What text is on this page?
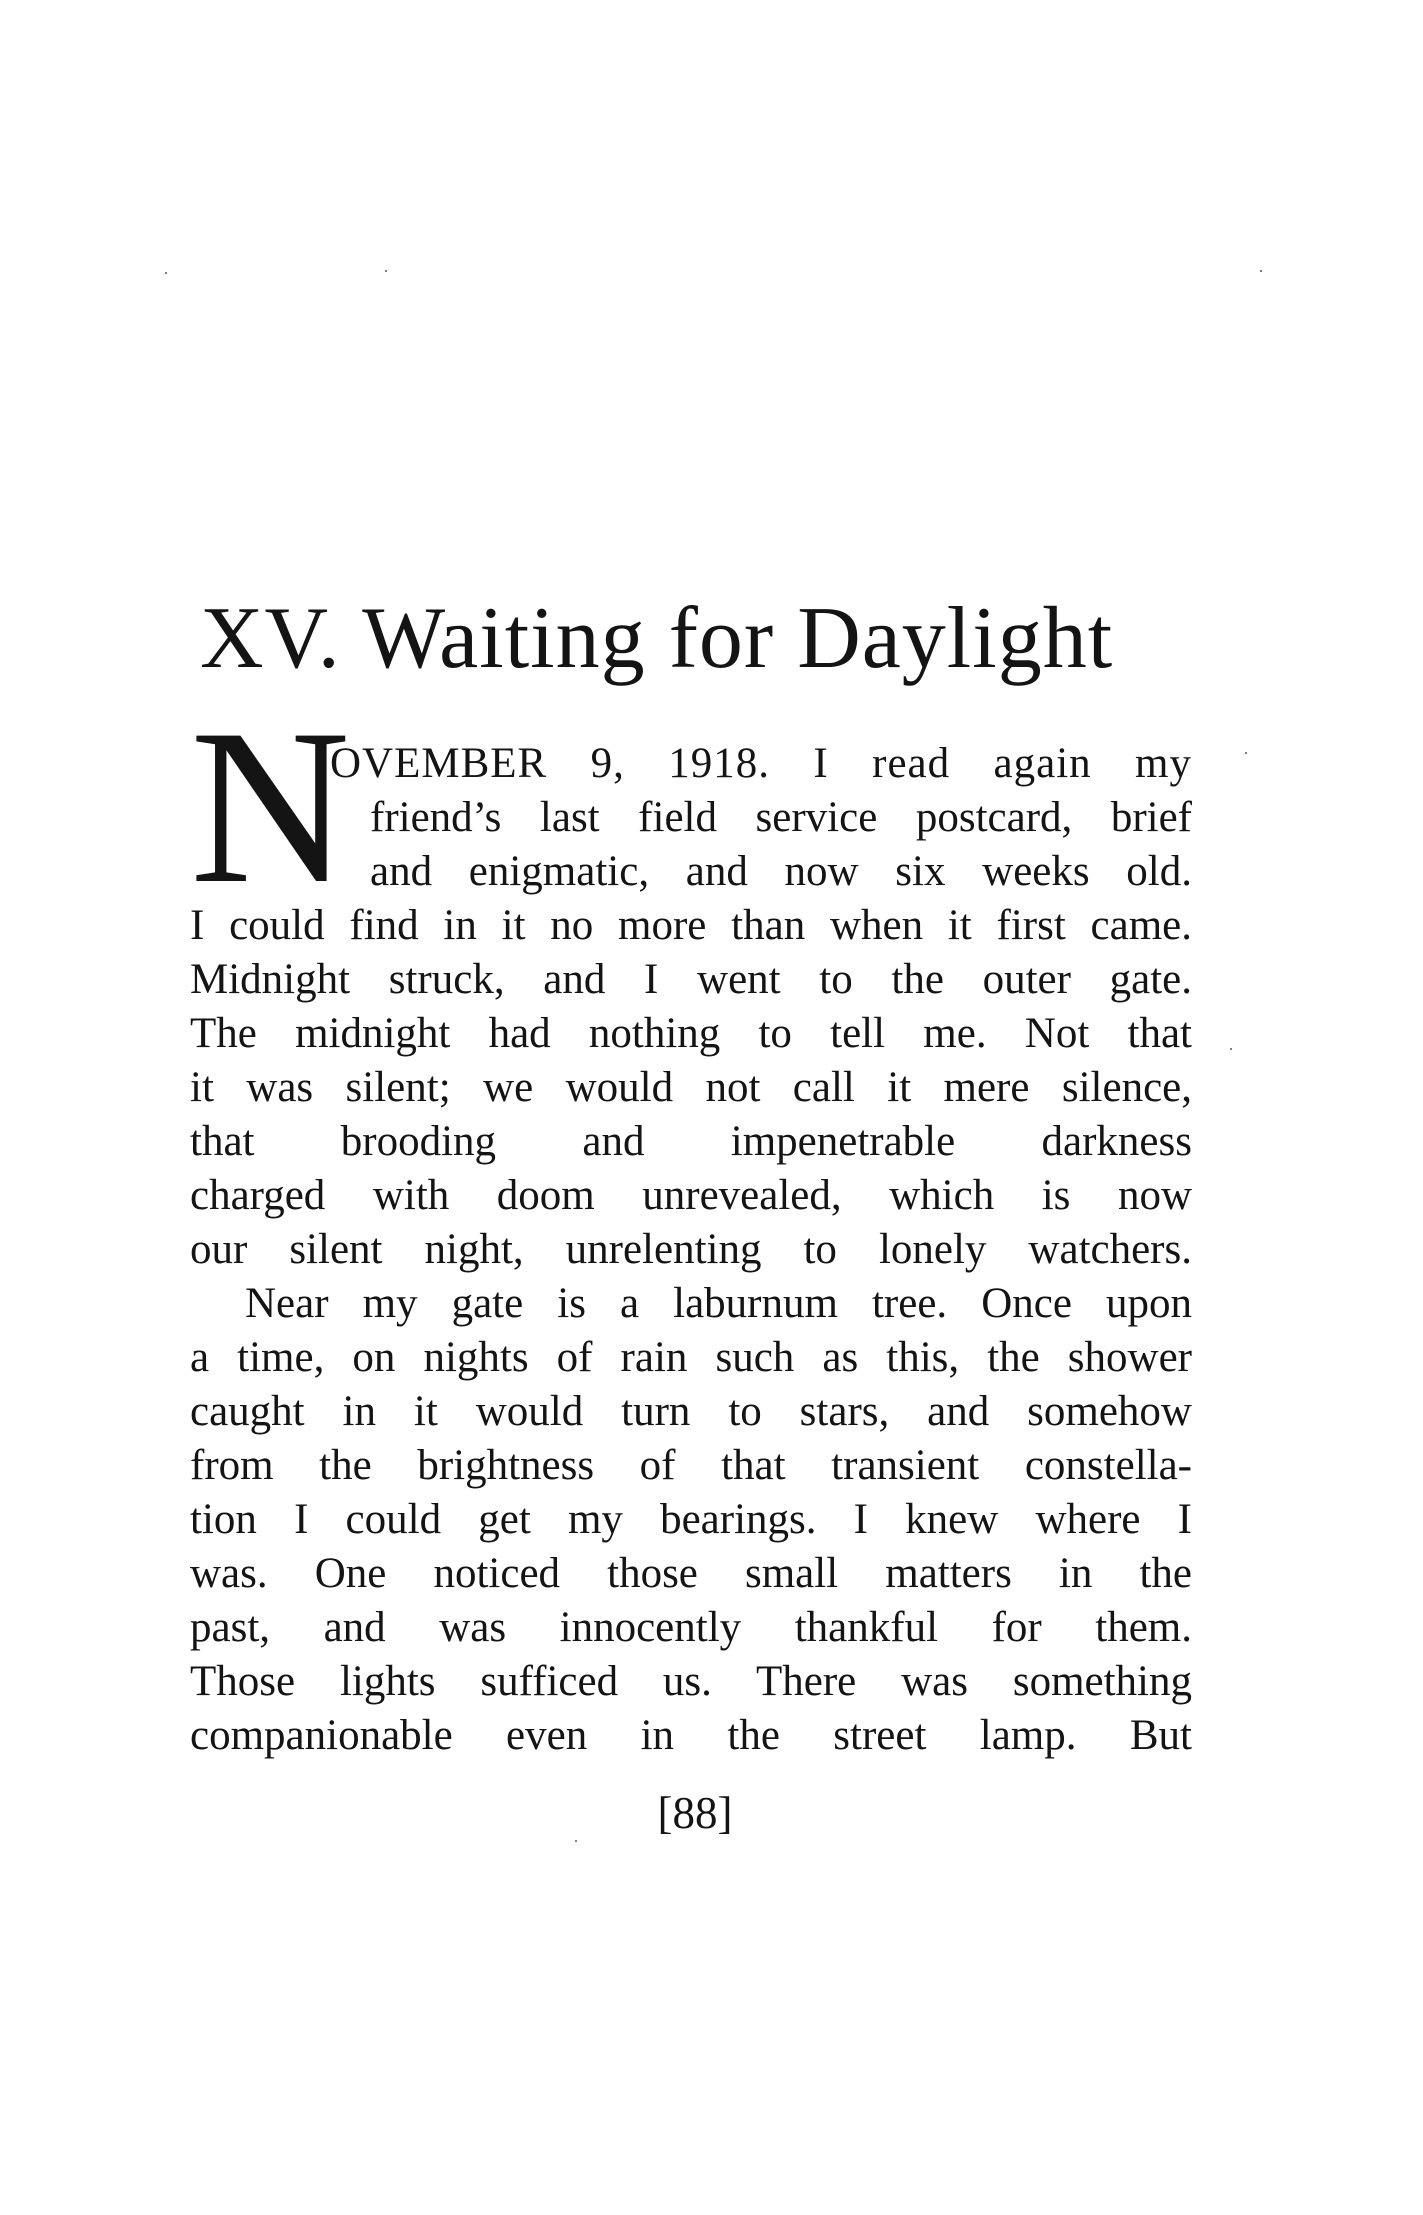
XV. Waiting for Daylight
N
OVEMBER 9, 1918. I read again my
friend’s last field service postcard, brief
and enigmatic, and now six weeks old.
I could find in it no more than when it first came.
Midnight struck, and I went to the outer gate.
The midnight had nothing to tell me. Not that
it was silent; we would not call it mere silence,
that brooding and impenetrable darkness
charged with doom unrevealed, which is now
our silent night, unrelenting to lonely watchers.
Near my gate is a laburnum tree. Once upon
a time, on nights of rain such as this, the shower
caught in it would turn to stars, and somehow
from the brightness of that transient constella-
tion I could get my bearings. I knew where I
was. One noticed those small matters in the
past, and was innocently thankful for them.
Those lights sufficed us. There was something
companionable even in the street lamp. But
[88]
